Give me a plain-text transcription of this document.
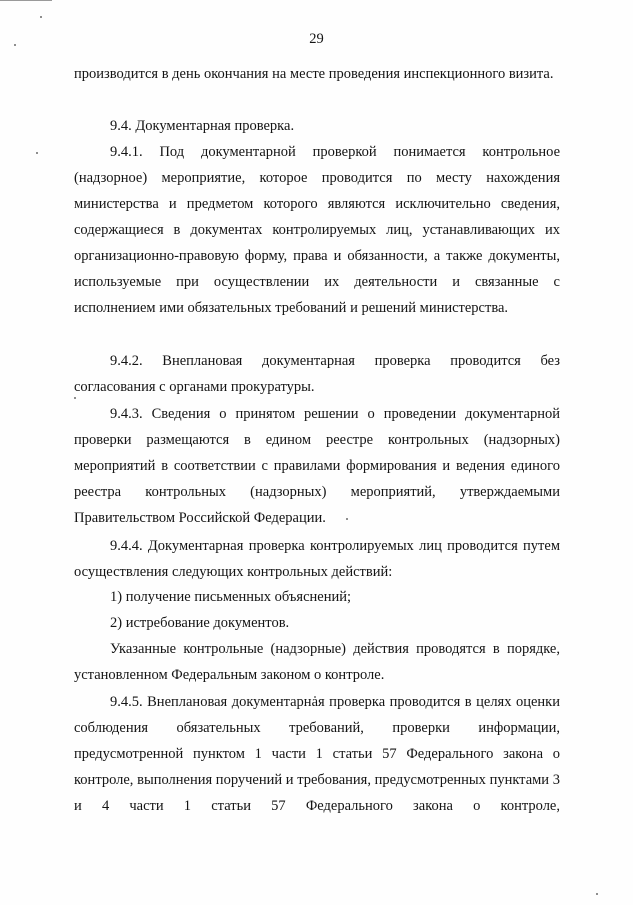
29
производится в день окончания на месте проведения инспекционного визита.
9.4. Документарная проверка.
9.4.1. Под документарной проверкой понимается контрольное (надзорное) мероприятие, которое проводится по месту нахождения министерства и предметом которого являются исключительно сведения, содержащиеся в документах контролируемых лиц, устанавливающих их организационно-правовую форму, права и обязанности, а также документы, используемые при осуществлении их деятельности и связанные с исполнением ими обязательных требований и решений министерства.
9.4.2. Внеплановая документарная проверка проводится без согласования с органами прокуратуры.
9.4.3. Сведения о принятом решении о проведении документарной проверки размещаются в едином реестре контрольных (надзорных) мероприятий в соответствии с правилами формирования и ведения единого реестра контрольных (надзорных) мероприятий, утверждаемыми Правительством Российской Федерации.
9.4.4. Документарная проверка контролируемых лиц проводится путем осуществления следующих контрольных действий:
1) получение письменных объяснений;
2) истребование документов.
Указанные контрольные (надзорные) действия проводятся в порядке, установленном Федеральным законом о контроле.
9.4.5. Внеплановая документарная проверка проводится в целях оценки соблюдения обязательных требований, проверки информации, предусмотренной пунктом 1 части 1 статьи 57 Федерального закона о контроле, выполнения поручений и требования, предусмотренных пунктами 3 и 4 части 1 статьи 57 Федерального закона о контроле,
